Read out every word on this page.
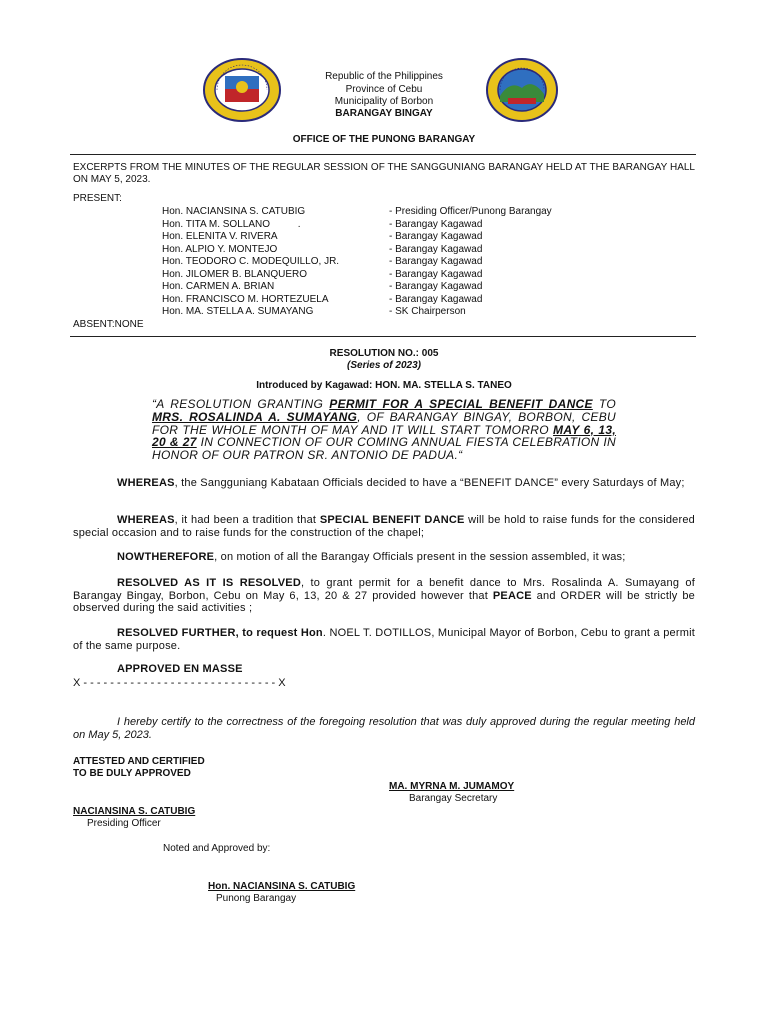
Republic of the Philippines
Province of Cebu
Municipality of Borbon
BARANGAY BINGAY
OFFICE OF THE PUNONG BARANGAY
EXCERPTS FROM THE MINUTES OF THE REGULAR SESSION OF THE SANGGUNIANG BARANGAY HELD AT THE BARANGAY HALL ON MAY 5, 2023.
PRESENT:
Hon. NACIANSINA S. CATUBIG	- Presiding Officer/Punong Barangay
Hon. TITA M. SOLLANO          .	- Barangay Kagawad
Hon. ELENITA V. RIVERA	- Barangay Kagawad
Hon. ALPIO Y. MONTEJO	- Barangay Kagawad
Hon. TEODORO C. MODEQUILLO, JR.	- Barangay Kagawad
Hon. JILOMER B. BLANQUERO	- Barangay Kagawad
Hon. CARMEN A. BRIAN	- Barangay Kagawad
Hon. FRANCISCO M. HORTEZUELA	- Barangay Kagawad
Hon. MA. STELLA A. SUMAYANG	- SK Chairperson
ABSENT:NONE
RESOLUTION NO.: 005
(Series of 2023)
Introduced by Kagawad: HON. MA. STELLA S. TANEO
“A RESOLUTION GRANTING PERMIT FOR A SPECIAL BENEFIT DANCE TO MRS. ROSALINDA A. SUMAYANG, OF BARANGAY BINGAY, BORBON, CEBU FOR THE WHOLE MONTH OF MAY AND IT WILL START TOMORRO MAY 6, 13, 20 & 27 IN CONNECTION OF OUR COMING ANNUAL FIESTA CELEBRATION IN HONOR OF OUR PATRON SR. ANTONIO DE PADUA.“
WHEREAS, the Sangguniang Kabataan Officials decided to have a “BENEFIT DANCE” every Saturdays of May;
WHEREAS, it had been a tradition that SPECIAL BENEFIT DANCE will be hold to raise funds for the considered special occasion and to raise funds for the construction of the chapel;
NOWTHEREFORE, on motion of all the Barangay Officials present in the session assembled, it was;
RESOLVED AS IT IS RESOLVED, to grant permit for a benefit dance to Mrs. Rosalinda A. Sumayang of Barangay Bingay, Borbon, Cebu on May 6, 13, 20 & 27 provided however that PEACE and ORDER will be strictly be observed during the said activities ;
RESOLVED FURTHER, to request Hon. NOEL T. DOTILLOS, Municipal Mayor of Borbon, Cebu to grant a permit of the same purpose.
APPROVED EN MASSE
X - - - - - - - - - - - - - - - - - - - - - - - - - - - - - X
I hereby certify to the correctness of the foregoing resolution that was duly approved during the regular meeting held on May 5, 2023.
ATTESTED AND CERTIFIED
TO BE DULY APPROVED
MA. MYRNA M. JUMAMOY
Barangay Secretary
NACIANSINA S. CATUBIG
Presiding Officer
Noted and Approved by:
Hon. NACIANSINA S. CATUBIG
Punong Barangay
